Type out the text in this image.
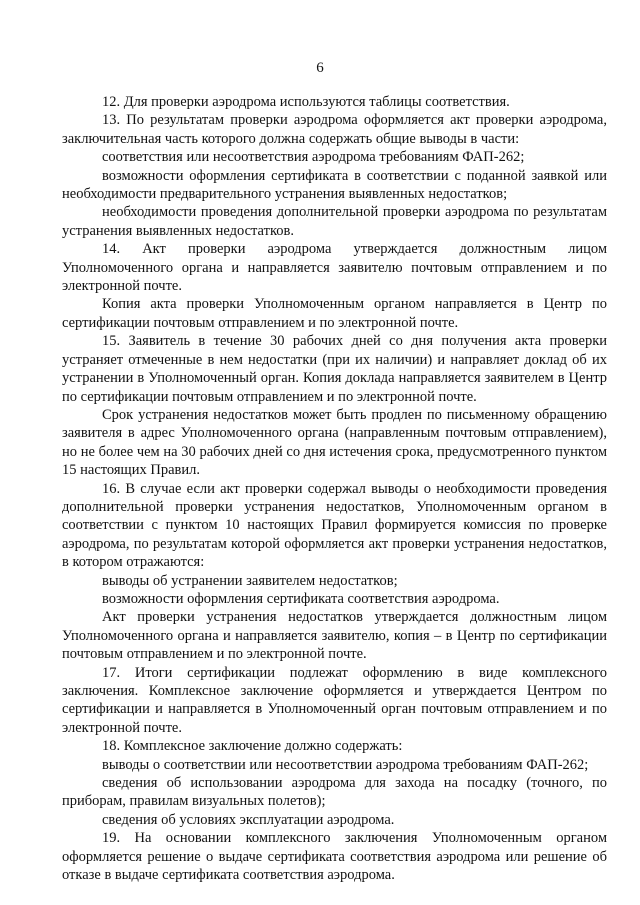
6

12. Для проверки аэродрома используются таблицы соответствия.

13. По результатам проверки аэродрома оформляется акт проверки аэродрома, заключительная часть которого должна содержать общие выводы в части:

соответствия или несоответствия аэродрома требованиям ФАП-262;

возможности оформления сертификата в соответствии с поданной заявкой или необходимости предварительного устранения выявленных недостатков;

необходимости проведения дополнительной проверки аэродрома по результатам устранения выявленных недостатков.

14. Акт проверки аэродрома утверждается должностным лицом Уполномоченного органа и направляется заявителю почтовым отправлением и по электронной почте.

Копия акта проверки Уполномоченным органом направляется в Центр по сертификации почтовым отправлением и по электронной почте.

15. Заявитель в течение 30 рабочих дней со дня получения акта проверки устраняет отмеченные в нем недостатки (при их наличии) и направляет доклад об их устранении в Уполномоченный орган. Копия доклада направляется заявителем в Центр по сертификации почтовым отправлением и по электронной почте.

Срок устранения недостатков может быть продлен по письменному обращению заявителя в адрес Уполномоченного органа (направленным почтовым отправлением), но не более чем на 30 рабочих дней со дня истечения срока, предусмотренного пунктом 15 настоящих Правил.

16. В случае если акт проверки содержал выводы о необходимости проведения дополнительной проверки устранения недостатков, Уполномоченным органом в соответствии с пунктом 10 настоящих Правил формируется комиссия по проверке аэродрома, по результатам которой оформляется акт проверки устранения недостатков, в котором отражаются:

выводы об устранении заявителем недостатков;

возможности оформления сертификата соответствия аэродрома.

Акт проверки устранения недостатков утверждается должностным лицом Уполномоченного органа и направляется заявителю, копия – в Центр по сертификации почтовым отправлением и по электронной почте.

17. Итоги сертификации подлежат оформлению в виде комплексного заключения. Комплексное заключение оформляется и утверждается Центром по сертификации и направляется в Уполномоченный орган почтовым отправлением и по электронной почте.

18. Комплексное заключение должно содержать:

выводы о соответствии или несоответствии аэродрома требованиям ФАП-262;

сведения об использовании аэродрома для захода на посадку (точного, по приборам, правилам визуальных полетов);

сведения об условиях эксплуатации аэродрома.

19. На основании комплексного заключения Уполномоченным органом оформляется решение о выдаче сертификата соответствия аэродрома или решение об отказе в выдаче сертификата соответствия аэродрома.
